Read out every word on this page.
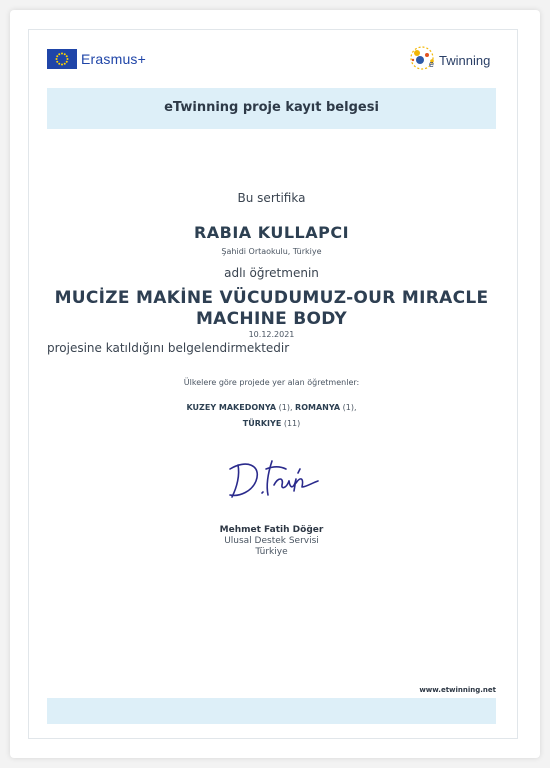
Erasmus+	e Twinning
eTwinning proje kayıt belgesi
Bu sertifika
RABIA KULLAPCI
Şahidi Ortaokulu, Türkiye
adlı öğretmenin
MUCİZE MAKİNE VÜCUDUMUZ-OUR MIRACLE MACHINE BODY
10.12.2021
projesine katıldığını belgelendirmektedir
Ülkelere göre projede yer alan öğretmenler:
KUZEY MAKEDONYA (1), ROMANYA (1),
TÜRKIYE (11)
Mehmet Fatih Döğer
Ulusal Destek Servisi
Türkiye
www.etwinning.net
